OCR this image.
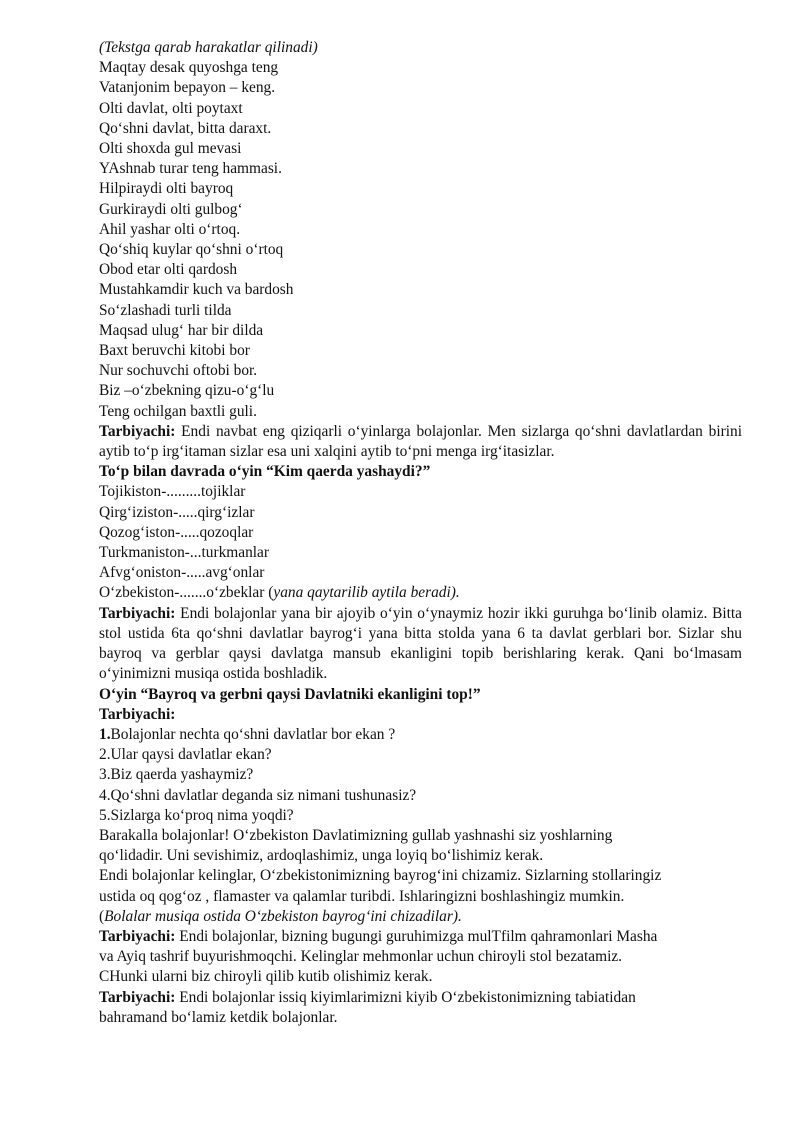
(Tekstga qarab harakatlar qilinadi)
Maqtay desak quyoshga teng
Vatanjonim bepayon – keng.
Olti davlat, olti poytaxt
Qo‘shni davlat, bitta daraxt.
Olti shoxda gul mevasi
YAshnab turar teng hammasi.
Hilpiraydi olti bayroq
Gurkiraydi olti gulbog‘
Ahil yashar olti o‘rtoq.
Qo‘shiq kuylar qo‘shni o‘rtoq
Obod etar olti qardosh
Mustahkamdir kuch va bardosh
So‘zlashadi turli tilda
Maqsad ulug‘ har bir dilda
Baxt beruvchi kitobi bor
Nur sochuvchi oftobi bor.
Biz –o‘zbekning qizu-o‘g‘lu
Teng ochilgan baxtli guli.

Tarbiyachi: Endi navbat eng qiziqarli o‘yinlarga bolajonlar. Men sizlarga qo‘shni davlatlardan birini aytib to‘p irg‘itaman sizlar esa uni xalqini aytib to‘pni menga irg‘itasizlar.

To‘p bilan davrada o‘yin “Kim qaerda yashaydi?”
Tojikiston-.........tojiklar
Qirg‘iziston-.....qirg‘izlar
Qozog‘iston-.....qozoqlar
Turkmaniston-...turkmanlar
Afvg‘oniston-.....avg‘onlar
O‘zbekiston-.......o‘zbeklar (yana qaytarilib aytila beradi).

Tarbiyachi: Endi bolajonlar yana bir ajoyib o‘yin o‘ynaymiz hozir ikki guruhga bo‘linib olamiz. Bitta stol ustida 6ta qo‘shni davlatlar bayrog‘i yana bitta stolda yana 6 ta davlat gerblari bor. Sizlar shu bayroq va gerblar qaysi davlatga mansub ekanligini topib berishlaring kerak. Qani bo‘lmasam o‘yinimizni musiqa ostida boshladik.

O‘yin “Bayroq va gerbni qaysi Davlatniki ekanligini top!”
Tarbiyachi:
1.Bolajonlar nechta qo‘shni davlatlar bor ekan ?
2.Ular qaysi davlatlar ekan?
3.Biz qaerda yashaymiz?
4.Qo‘shni davlatlar deganda siz nimani tushunasiz?
5.Sizlarga ko‘proq nima yoqdi?
Barakalla bolajonlar! O‘zbekiston Davlatimizning gullab yashnashi siz yoshlarning
qo‘lidadir. Uni sevishimiz, ardoqlashimiz, unga loyiq bo‘lishimiz kerak.
Endi bolajonlar kelinglar, O‘zbekistonimizning bayrog‘ini chizamiz. Sizlarning stollaringiz
ustida oq qog‘oz , flamaster va qalamlar turibdi. Ishlaringizni boshlashingiz mumkin.
(Bolalar musiqa ostida O‘zbekiston bayrog‘ini chizadilar).
Tarbiyachi: Endi bolajonlar, bizning bugungi guruhimizga mulTfilm qahramonlari Masha
va Ayiq tashrif buyurishmoqchi. Kelinglar mehmonlar uchun chiroyli stol bezatamiz.
CHunki ularni biz chiroyli qilib kutib olishimiz kerak.
Tarbiyachi: Endi bolajonlar issiq kiyimlarimizni kiyib O‘zbekistonimizning tabiatidan
bahramand bo‘lamiz ketdik bolajonlar.
